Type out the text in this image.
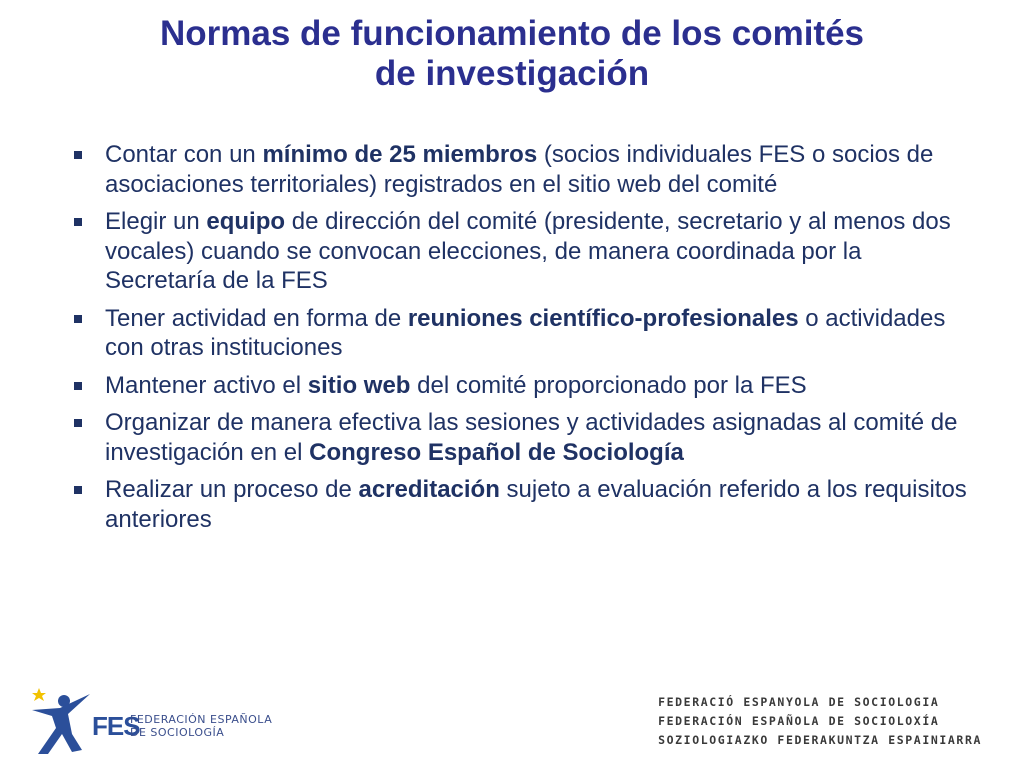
Normas de funcionamiento de los comités
de investigación
Contar con un mínimo de 25 miembros (socios individuales FES o socios de asociaciones territoriales) registrados en el sitio web del comité
Elegir un equipo de dirección del comité (presidente, secretario y al menos dos vocales) cuando se convocan elecciones, de manera coordinada por la Secretaría de la FES
Tener actividad en forma de reuniones científico-profesionales o actividades con otras instituciones
Mantener activo el sitio web del comité proporcionado por la FES
Organizar de manera efectiva las sesiones y actividades asignadas al comité de investigación en el Congreso Español de Sociología
Realizar un proceso de acreditación sujeto a evaluación referido a los requisitos anteriores
FES
FEDERACIÓN ESPAÑOLA
DE SOCIOLOGÍA
FEDERACIÓ ESPANYOLA DE SOCIOLOGIA
FEDERACIÓN ESPAÑOLA DE SOCIOLOXÍA
SOZIOLOGIAZKO FEDERAKUNTZA ESPAINIARRA
